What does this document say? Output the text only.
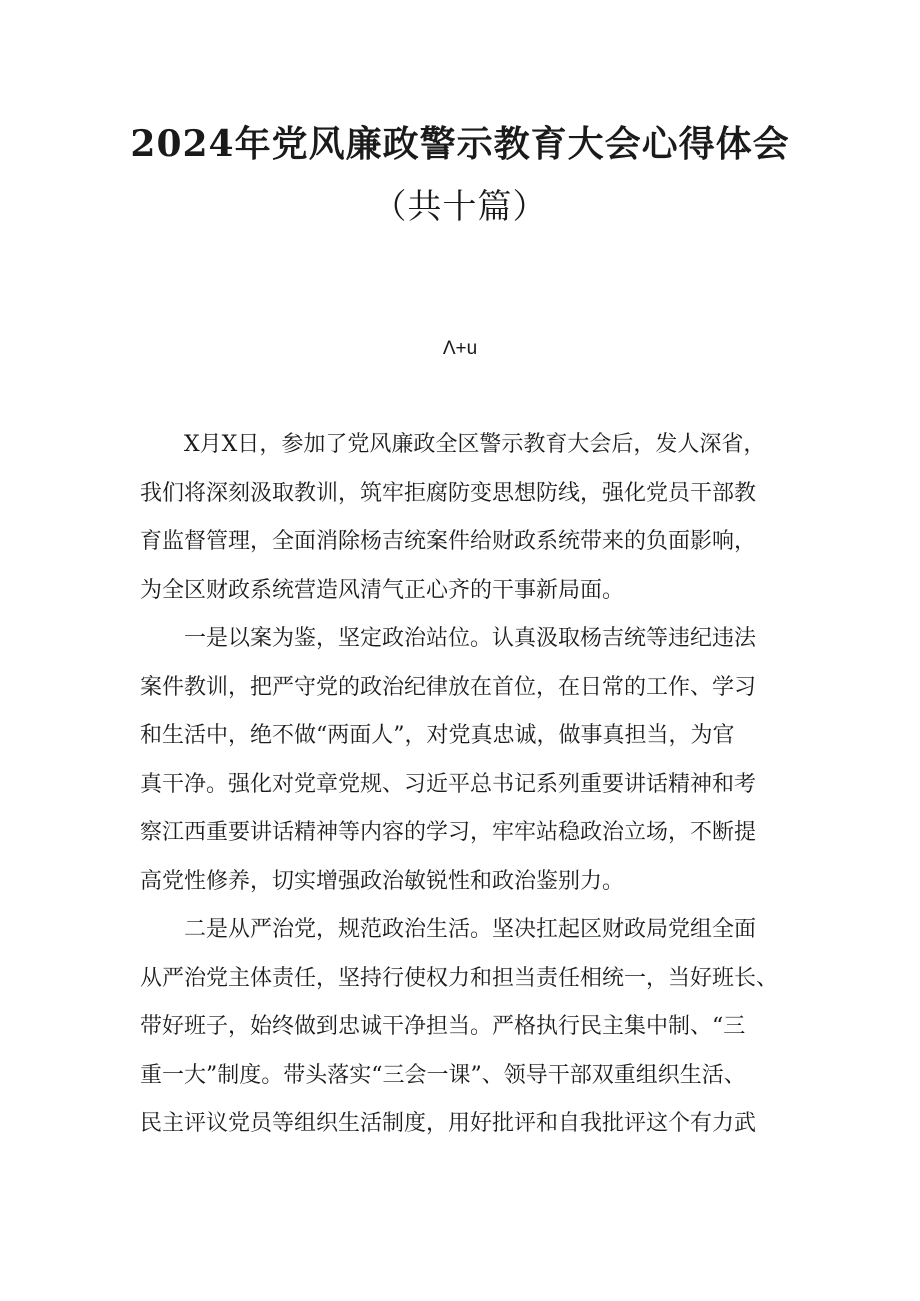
2024年党风廉政警示教育大会心得体会
（共十篇）
Λ+u
X月X日，参加了党风廉政全区警示教育大会后，发人深省，
我们将深刻汲取教训，筑牢拒腐防变思想防线，强化党员干部教
育监督管理，全面消除杨吉统案件给财政系统带来的负面影响，
为全区财政系统营造风清气正心齐的干事新局面。
一是以案为鉴，坚定政治站位。认真汲取杨吉统等违纪违法
案件教训，把严守党的政治纪律放在首位，在日常的工作、学习
和生活中，绝不做“两面人”，对党真忠诚，做事真担当，为官
真干净。强化对党章党规、习近平总书记系列重要讲话精神和考
察江西重要讲话精神等内容的学习，牢牢站稳政治立场，不断提
高党性修养，切实增强政治敏锐性和政治鉴别力。
二是从严治党，规范政治生活。坚决扛起区财政局党组全面
从严治党主体责任，坚持行使权力和担当责任相统一，当好班长、
带好班子，始终做到忠诚干净担当。严格执行民主集中制、“三
重一大”制度。带头落实“三会一课”、领导干部双重组织生活、
民主评议党员等组织生活制度，用好批评和自我批评这个有力武
